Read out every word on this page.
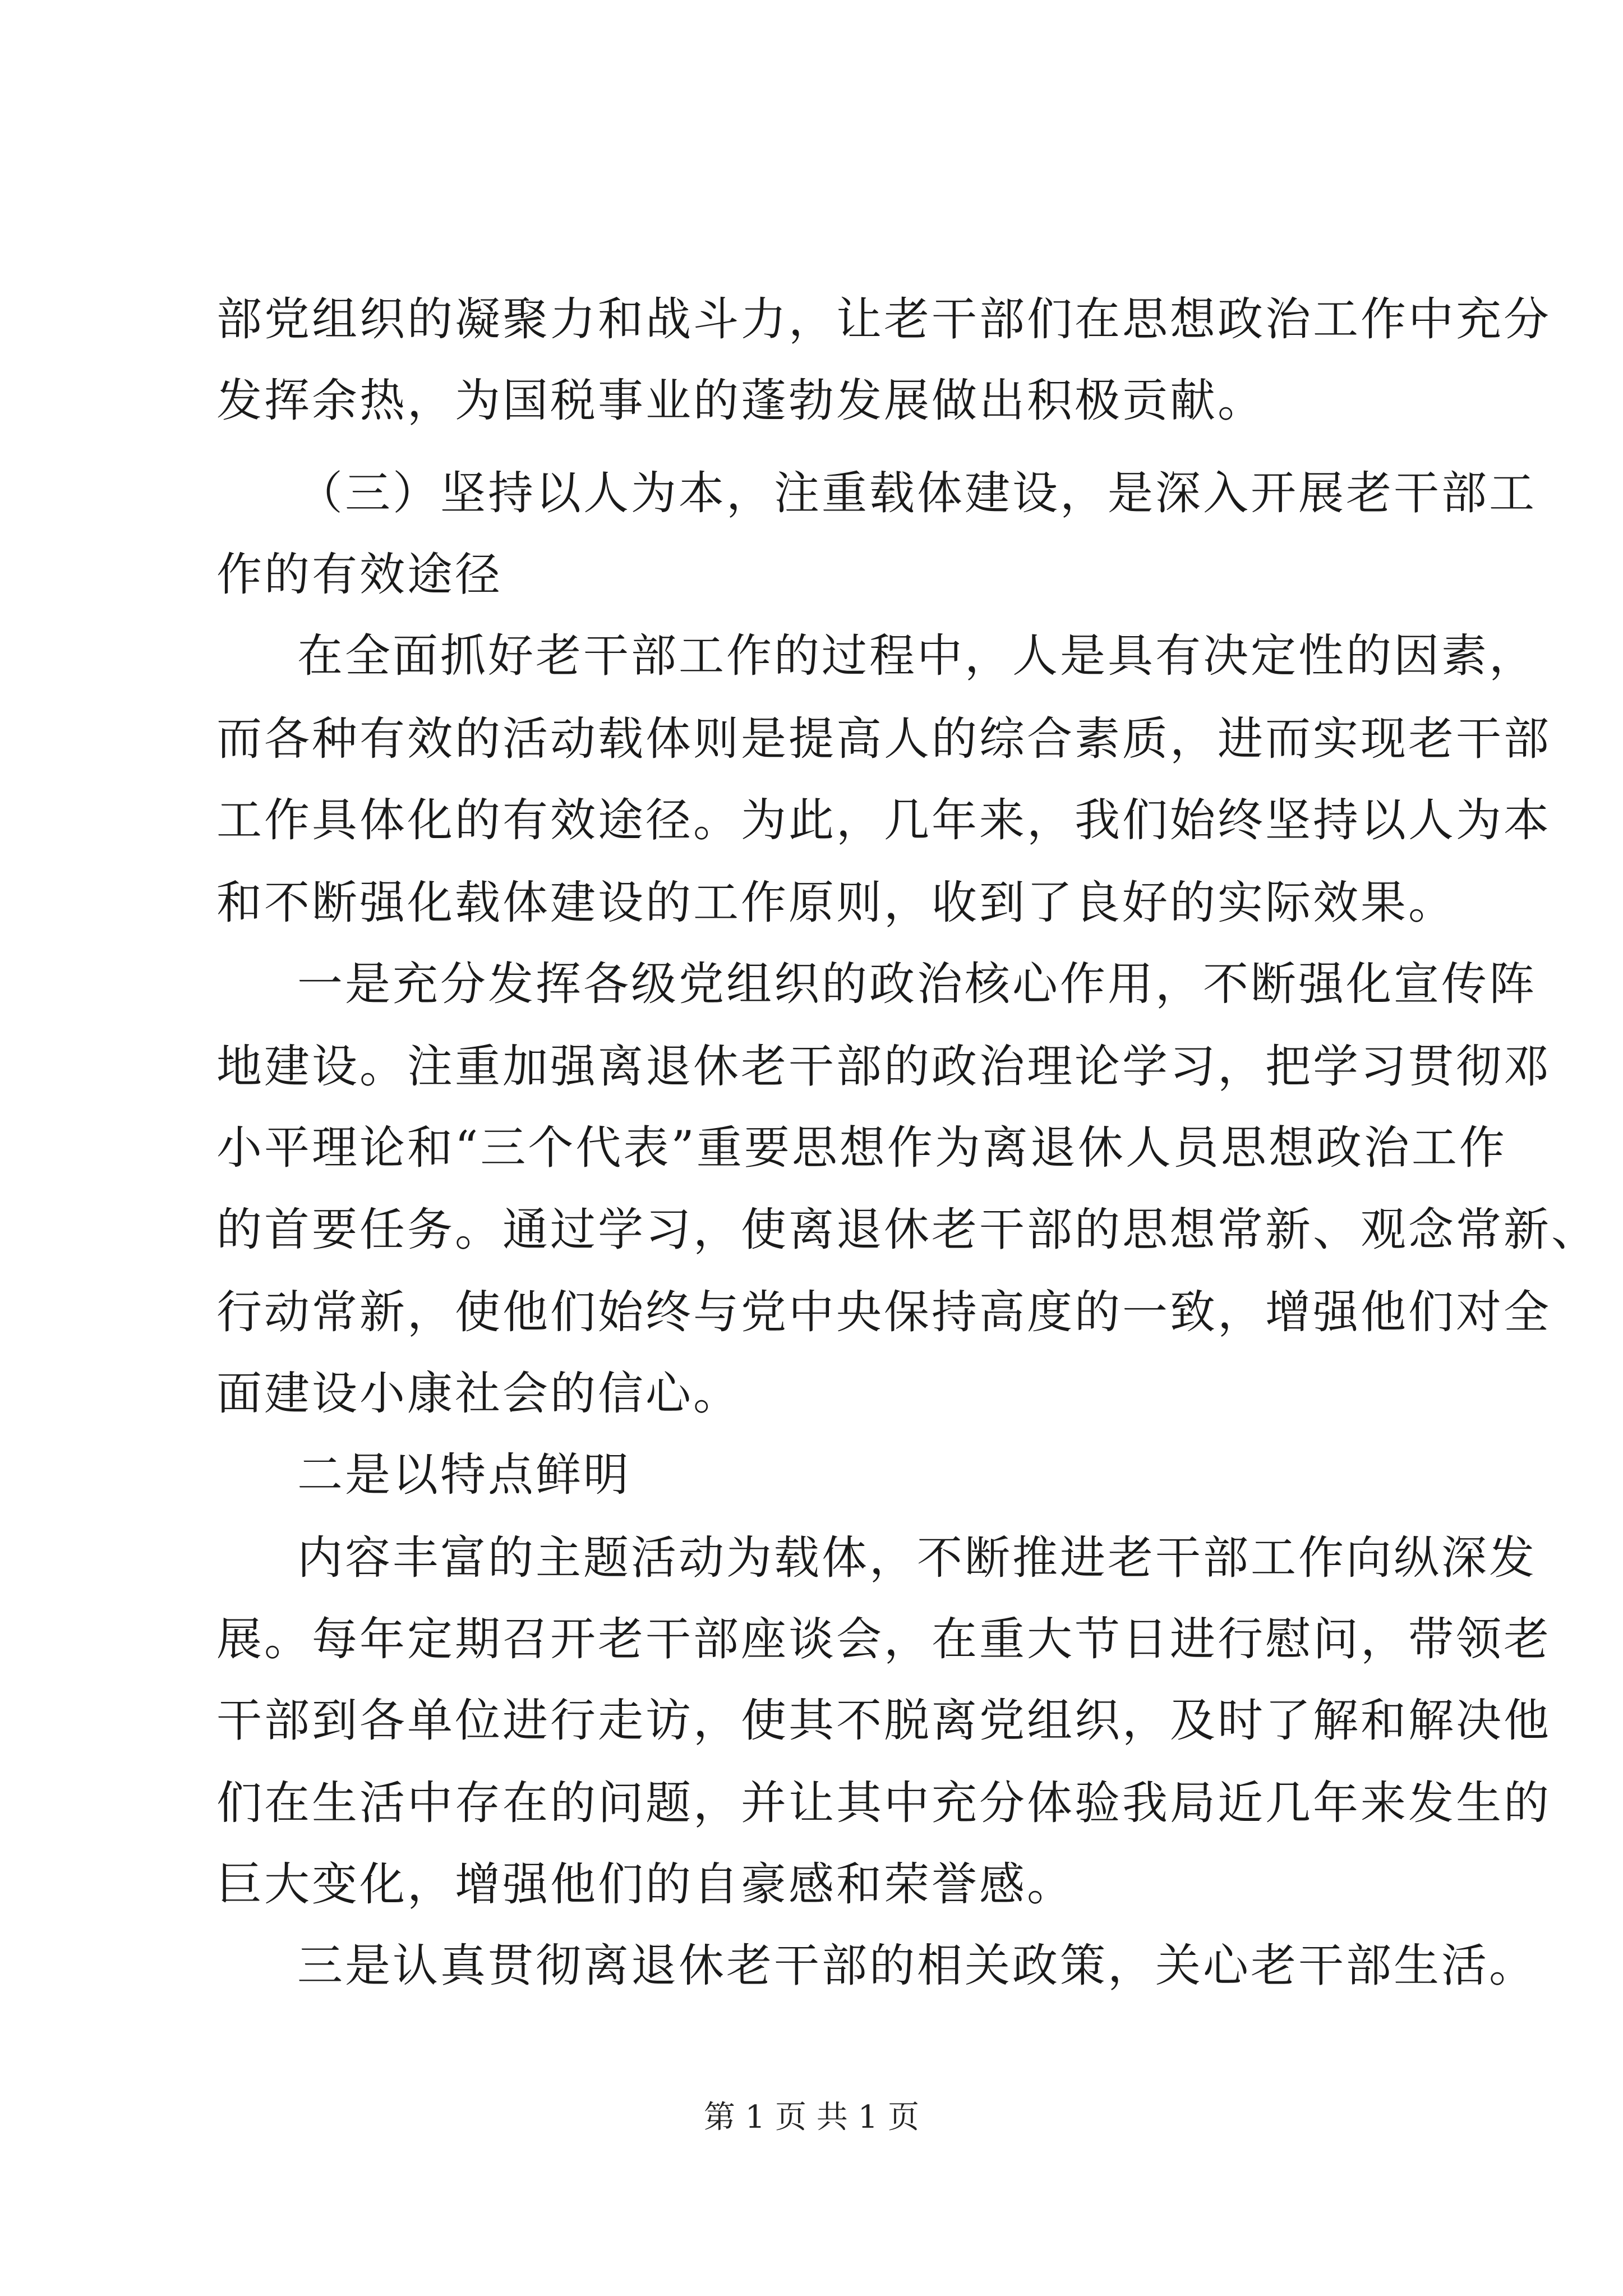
部党组织的凝聚力和战斗力，让老干部们在思想政治工作中充分
发挥余热，为国税事业的蓬勃发展做出积极贡献。
（三）坚持以人为本，注重载体建设，是深入开展老干部工
作的有效途径
在全面抓好老干部工作的过程中，人是具有决定性的因素，
而各种有效的活动载体则是提高人的综合素质，进而实现老干部
工作具体化的有效途径。为此，几年来，我们始终坚持以人为本
和不断强化载体建设的工作原则，收到了良好的实际效果。
一是充分发挥各级党组织的政治核心作用，不断强化宣传阵
地建设。注重加强离退休老干部的政治理论学习，把学习贯彻邓
小平理论和“三个代表”重要思想作为离退休人员思想政治工作
的首要任务。通过学习，使离退休老干部的思想常新、观念常新、
行动常新，使他们始终与党中央保持高度的一致，增强他们对全
面建设小康社会的信心。
二是以特点鲜明
内容丰富的主题活动为载体，不断推进老干部工作向纵深发
展。每年定期召开老干部座谈会，在重大节日进行慰问，带领老
干部到各单位进行走访，使其不脱离党组织，及时了解和解决他
们在生活中存在的问题，并让其中充分体验我局近几年来发生的
巨大变化，增强他们的自豪感和荣誉感。
三是认真贯彻离退休老干部的相关政策，关心老干部生活。
第 1 页 共 1 页
